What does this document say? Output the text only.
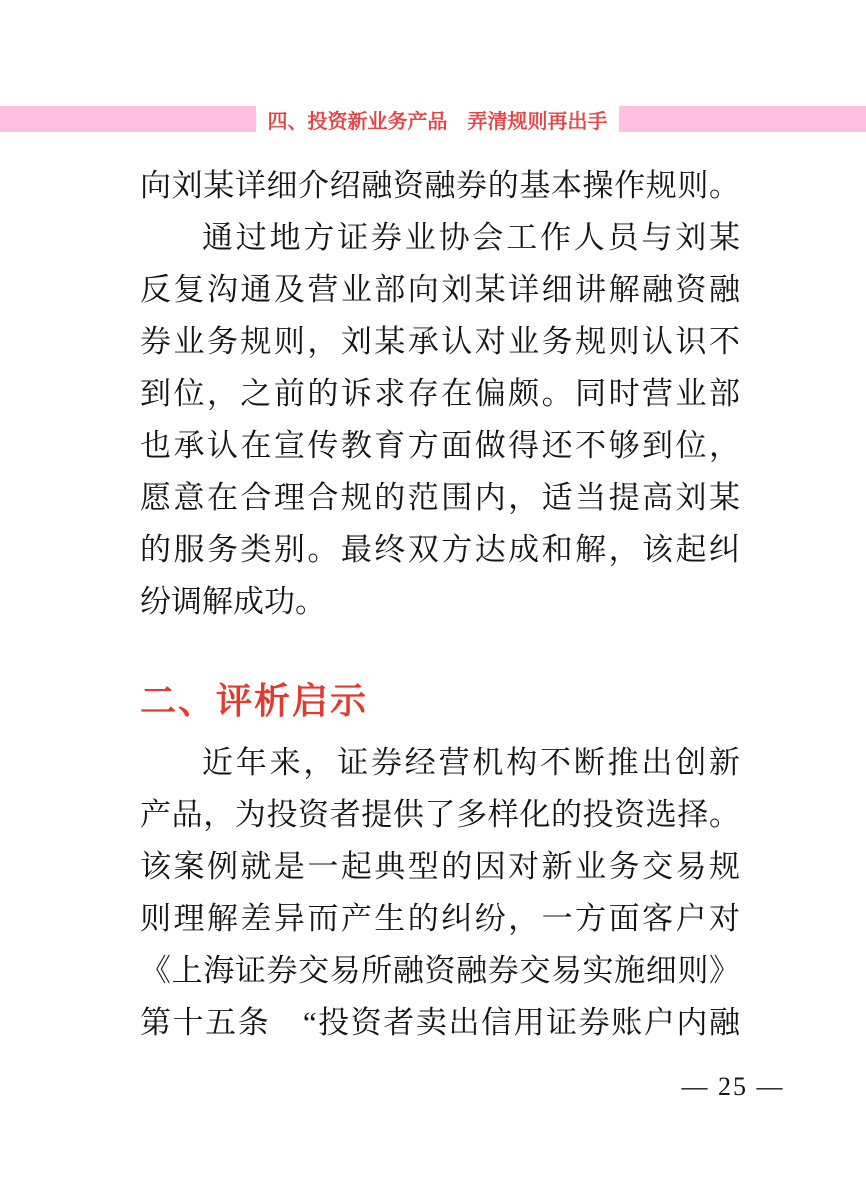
四、投资新业务产品　弄清规则再出手
向刘某详细介绍融资融券的基本操作规则。
通过地方证券业协会工作人员与刘某
反复沟通及营业部向刘某详细讲解融资融
券业务规则，刘某承认对业务规则认识不
到位，之前的诉求存在偏颇。同时营业部
也承认在宣传教育方面做得还不够到位，
愿意在合理合规的范围内，适当提高刘某
的服务类别。最终双方达成和解，该起纠
纷调解成功。
二、评析启示
近年来，证券经营机构不断推出创新
产品，为投资者提供了多样化的投资选择。
该案例就是一起典型的因对新业务交易规
则理解差异而产生的纠纷，一方面客户对
《上海证券交易所融资融券交易实施细则》
第十五条　“投资者卖出信用证券账户内融
— 25 —
